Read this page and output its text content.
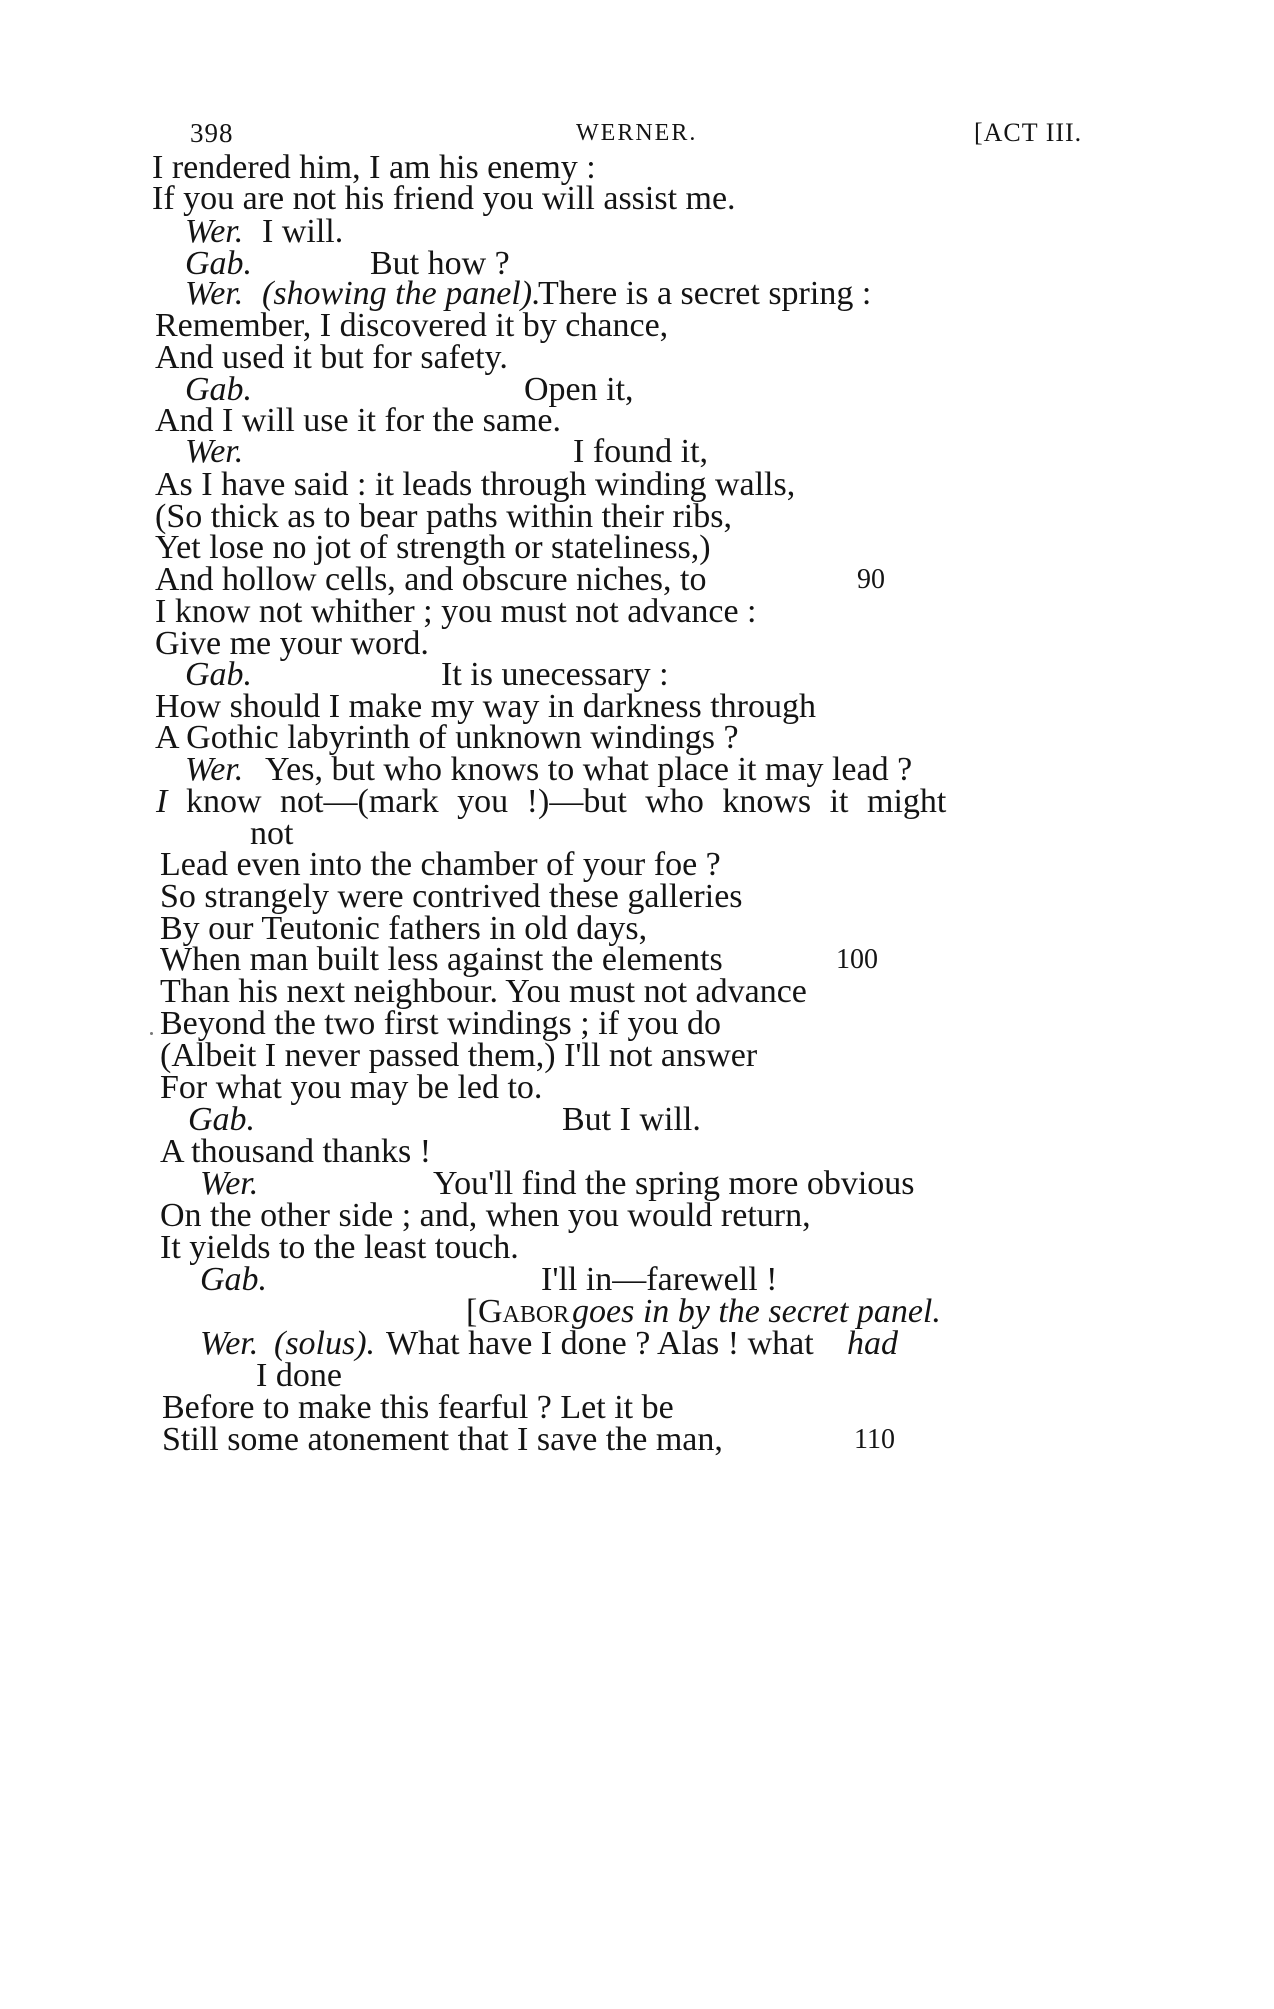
398	WERNER.	[ACT III.
I rendered him, I am his enemy :
If you are not his friend you will assist me.
Wer. I will.
Gab.	But how ?
Wer. (showing the panel).
There is a secret spring :
Remember, I discovered it by chance,
And used it but for safety.
Gab.	Open it,
And I will use it for the same.
Wer.	I found it,
As I have said : it leads through winding walls,
(So thick as to bear paths within their ribs,
Yet lose no jot of strength or stateliness,)
And hollow cells, and obscure niches, to	90
I know not whither ; you must not advance :
Give me your word.
Gab.	It is unecessary :
How should I make my way in darkness through
A Gothic labyrinth of unknown windings ?
Wer. Yes, but who knows to what place it may lead ?
I know not—(mark you !)—but who knows it might
not
Lead even into the chamber of your foe ?
So strangely were contrived these galleries
By our Teutonic fathers in old days,
When man built less against the elements	100
Than his next neighbour. You must not advance
Beyond the two first windings ; if you do
(Albeit I never passed them,) I'll not answer
For what you may be led to.
Gab.	But I will.
A thousand thanks !
Wer.	You'll find the spring more obvious
On the other side ; and, when you would return,
It yields to the least touch.
Gab.	I'll in—farewell !
[ Gabor goes in by the secret panel.
Wer. (solus). What have I done ? Alas ! what had
I done
Before to make this fearful ? Let it be
Still some atonement that I save the man,	110
